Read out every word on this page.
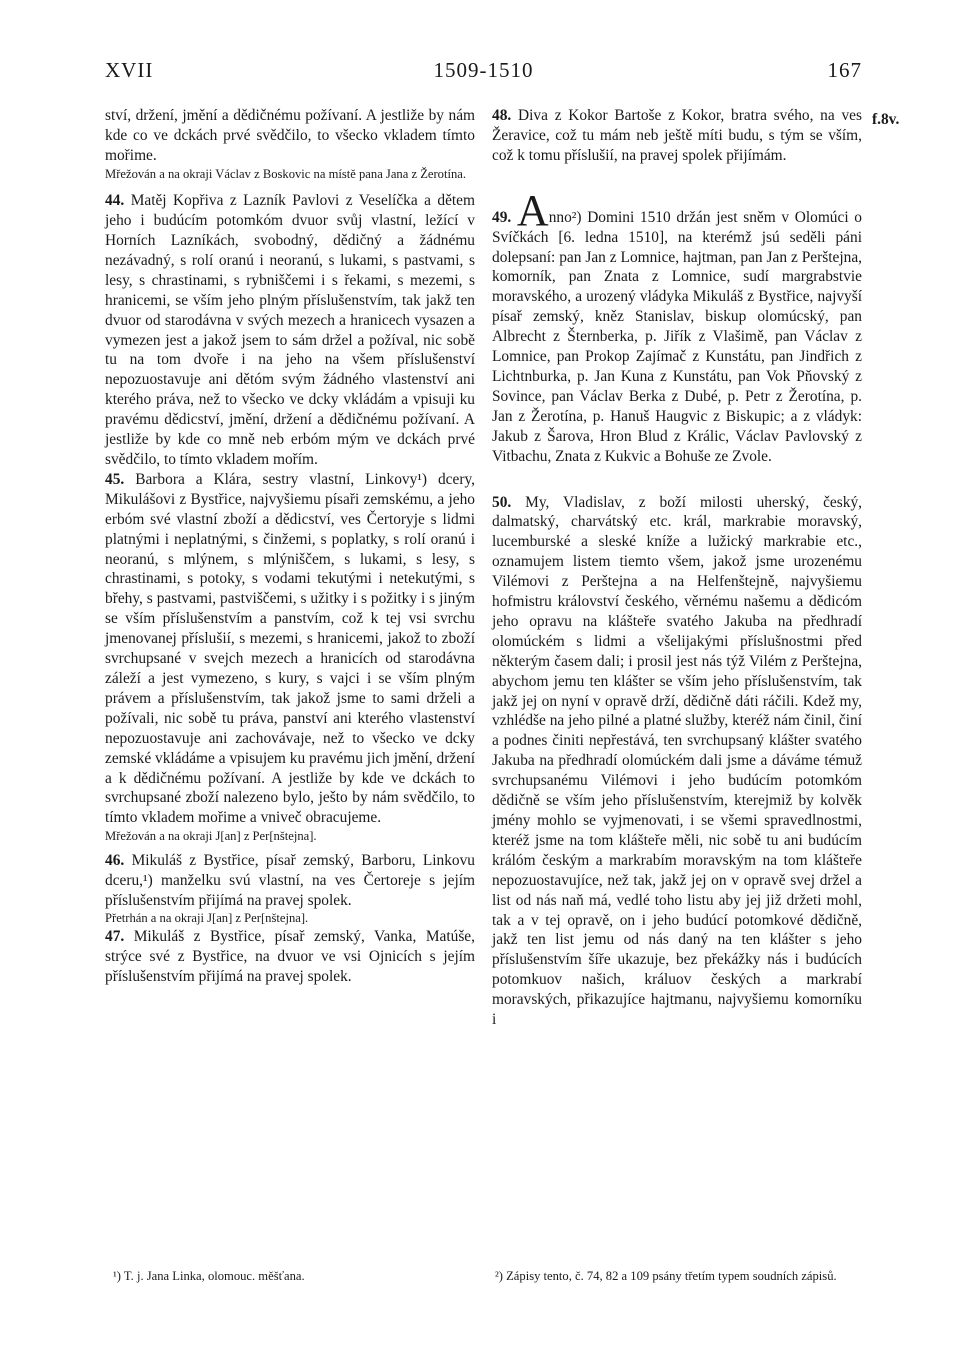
XVII	1509-1510	167

ství, držení, jmění a dědičnému požívaní. A jestliže by nám kde co ve dckách prvé svědčilo, to všecko vkladem tímto mořime.

Mřežován a na okraji Václav z Boskovic na místě pana Jana z Žerotína.

44. Matěj Kopřiva z Lazník Pavlovi z Veselíčka a dětem jeho i budúcím potomkóm dvuor svůj vlastní, ležící v Horních Lazníkách, svobodný, dědičný a žádnému nezávadný, s rolí oranú i neoranú, s lukami, s pastvami, s lesy, s chrastinami, s rybniščemi i s řekami, s mezemi, s hranicemi, se vším jeho plným příslušenstvím, tak jakž ten dvuor od starodávna v svých mezech a hranicech vysazen a vymezen jest a jakož jsem to sám držel a požíval, nic sobě tu na tom dvoře i na jeho na všem příslušenství nepozuostavuje ani dětóm svým žádného vlastenství ani kterého práva, než to všecko ve dcky vkládám a vpisuji ku pravému dědicství, jmění, držení a dědičnému požívaní. A jestliže by kde co mně neb erbóm mým ve dckách prvé svědčilo, to tímto vkladem mořím.

45. Barbora a Klára, sestry vlastní, Linkovy¹) dcery, Mikulášovi z Bystřice, najvyšiemu písaři zemskému, a jeho erbóm své vlastní zboží a dědicství, ves Čertoryje s lidmi platnými i neplatnými, s činžemi, s poplatky, s rolí oranú i neoranú, s mlýnem, s mlýniščem, s lukami, s lesy, s chrastinami, s potoky, s vodami tekutými i netekutými, s břehy, s pastvami, pastviščemi, s užitky i s požitky i s jiným se vším příslušenstvím a panstvím, což k tej vsi svrchu jmenovanej příslušií, s mezemi, s hranicemi, jakož to zboží svrchupsané v svejch mezech a hranicích od starodávna záleží a jest vymezeno, s kury, s vajci i se vším plným právem a příslušenstvím, tak jakož jsme to sami drželi a požívali, nic sobě tu práva, panství ani kterého vlastenství nepozuostavuje ani zachovávaje, než to všecko ve dcky zemské vkládáme a vpisujem ku pravému jich jmění, držení a k dědičnému požívaní. A jestliže by kde ve dckách to svrchupsané zboží nalezeno bylo, ješto by nám svědčilo, to tímto vkladem mořime a vniveč obracujeme.

Mřežován a na okraji J[an] z Per[nštejna].

46. Mikuláš z Bystřice, písař zemský, Barboru, Linkovu dceru,¹) manželku svú vlastní, na ves Čertoreje s jejím příslušenstvím přijímá na pravej spolek.

Přetrhán a na okraji J[an] z Per[nštejna].

47. Mikuláš z Bystřice, písař zemský, Vanka, Matúše, strýce své z Bystřice, na dvuor ve vsi Ojnicích s jejím příslušenstvím přijímá na pravej spolek.

48. Diva z Kokor Bartoše z Kokor, bratra svého, na ves Žeravice, což tu mám neb ještě míti budu, s tým se vším, což k tomu příslušií, na pravej spolek přijímám.

49. Anno²) Domini 1510 držán jest sněm v Olomúci o Svíčkách [6. ledna 1510], na kterémž jsú seděli páni dolepsaní: pan Jan z Lomnice, hajtman, pan Jan z Perštejna, komorník, pan Znata z Lomnice, sudí margrabstvie moravského, a urozený vládyka Mikuláš z Bystřice, najvyší písař zemský, kněz Stanislav, biskup olomúcský, pan Albrecht z Šternberka, p. Jiřík z Vlašimě, pan Václav z Lomnice, pan Prokop Zajímač z Kunstátu, pan Jindřich z Lichtnburka, p. Jan Kuna z Kunstátu, pan Vok Pňovský z Sovince, pan Václav Berka z Dubé, p. Petr z Žerotína, p. Jan z Žerotína, p. Hanuš Haugvic z Biskupic; a z vládyk: Jakub z Šarova, Hron Blud z Králic, Václav Pavlovský z Vitbachu, Znata z Kukvic a Bohuše ze Zvole.

50. My, Vladislav, z boží milosti uherský, český, dalmatský, charvátský etc. král, markrabie moravský, lucemburské a sleské kníže a lužický markrabie etc., oznamujem listem tiemto všem, jakož jsme urozenému Vilémovi z Perštejna a na Helfenštejně, najvyšiemu hofmistru království českého, věrnému našemu a dědicóm jeho opravu na klášteře svatého Jakuba na předhradí olomúckém s lidmi a všelijakými příslušnostmi před některým časem dali; i prosil jest nás týž Vilém z Perštejna, abychom jemu ten klášter se vším jeho příslušenstvím, tak jakž jej on nyní v opravě drží, dědičně dáti ráčili. Kdež my, vzhlédše na jeho pilné a platné služby, kteréž nám činil, činí a podnes činiti nepřestává, ten svrchupsaný klášter svatého Jakuba na předhradí olomúckém dali jsme a dáváme témuž svrchupsanému Vilémovi i jeho budúcím potomkóm dědičně se vším jeho příslušenstvím, kterejmiž by kolvěk jmény mohlo se vyjmenovati, i se všemi spravedlnostmi, kteréž jsme na tom klášteře měli, nic sobě tu ani budúcím králóm českým a markrabím moravským na tom klášteře nepozuostavujíce, než tak, jakž jej on v opravě svej držel a list od nás naň má, vedlé toho listu aby jej již držeti mohl, tak a v tej opravě, on i jeho budúcí potomkové dědičně, jakž ten list jemu od nás daný na ten klášter s jeho příslušenstvím šíře ukazuje, bez překážky nás i budúcích potomkuov našich, králuov českých a markrabí moravských, přikazujíce hajtmanu, najvyšiemu komorníku i

f.8v.
¹) T. j. Jana Linka, olomouc. měšťana.	²) Zápisy tento, č. 74, 82 a 109 psány třetím typem soudních zápisů.
